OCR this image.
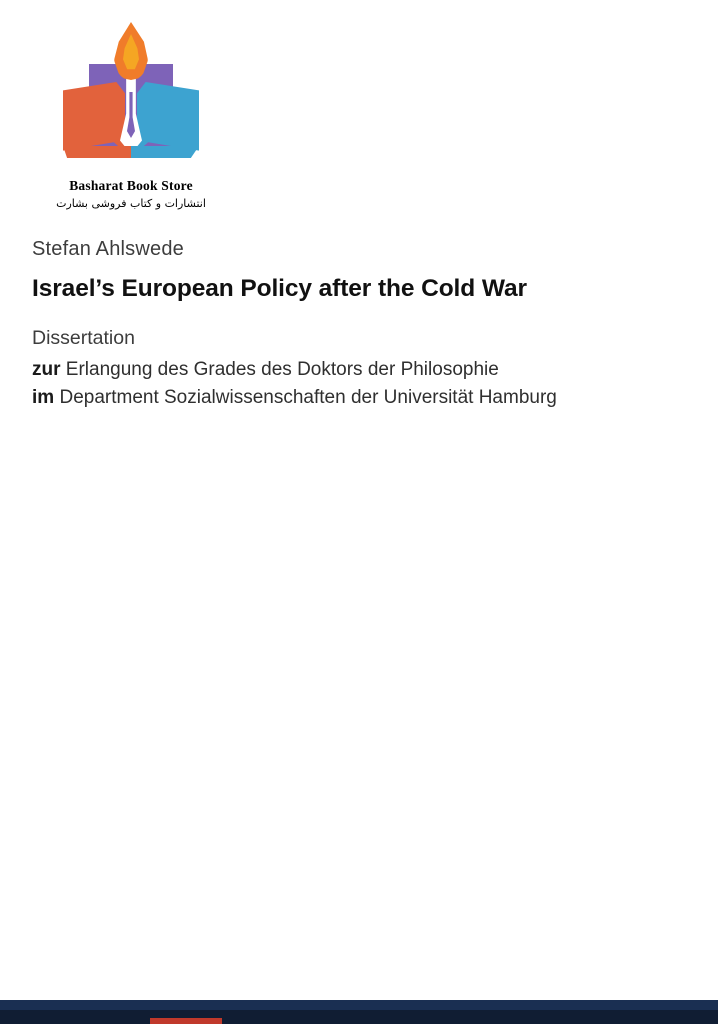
Basharat Book Store
انتشارات و کتاب فروشی بشارت
Stefan Ahlswede
Israel’s European Policy after the Cold War
Dissertation
zur Erlangung des Grades des Doktors der Philosophie
im Department Sozialwissenschaften der Universität Hamburg
